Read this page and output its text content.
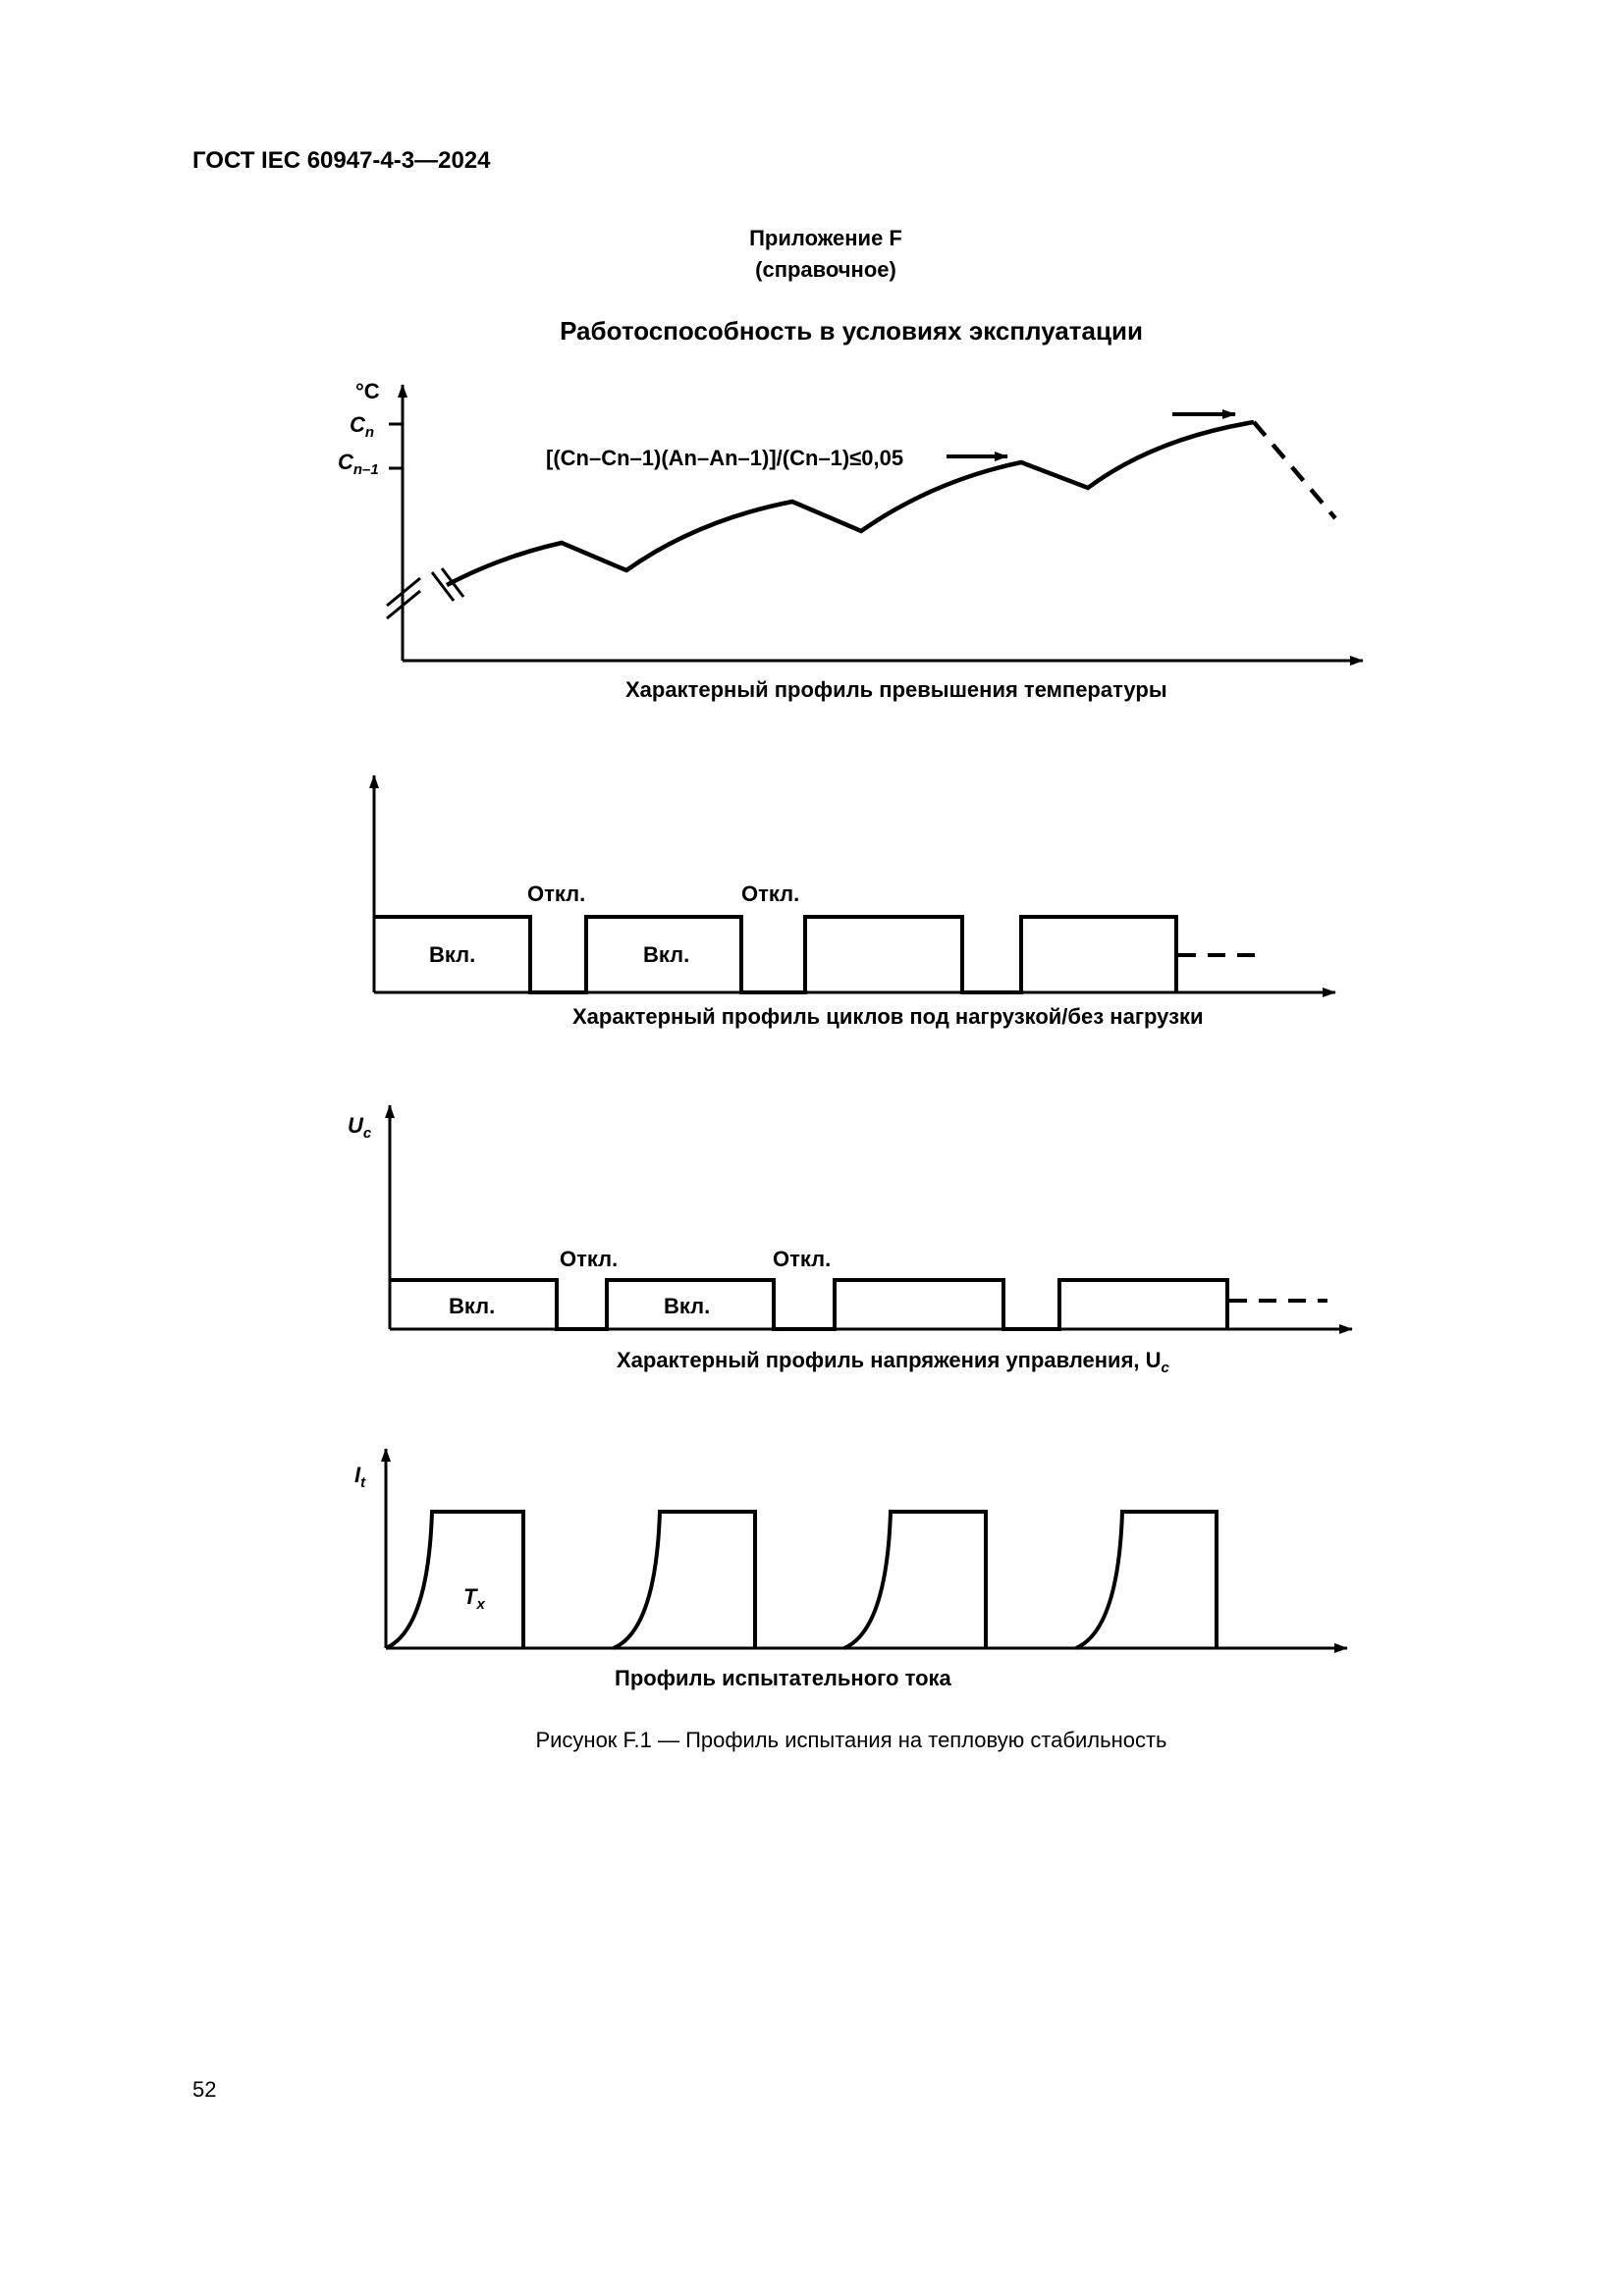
ГОСТ IEC 60947-4-3—2024
Приложение F
(справочное)
Работоспособность в условиях эксплуатации
°C
$C_n$
$C_{n-1}$	[(Cn–Cn–1)(An–An–1)]/(Cn–1)≤0,05
Характерный профиль превышения температуры
Вкл.	Вкл.
Откл.	Откл.
Характерный профиль циклов под нагрузкой/без нагрузки
$U_c$
Вкл.	Вкл.
Откл.	Откл.
Характерный профиль напряжения управления, $U_c$
$I_t$
$T_x$
Профиль испытательного тока
Рисунок F.1 — Профиль испытания на тепловую стабильность
52
